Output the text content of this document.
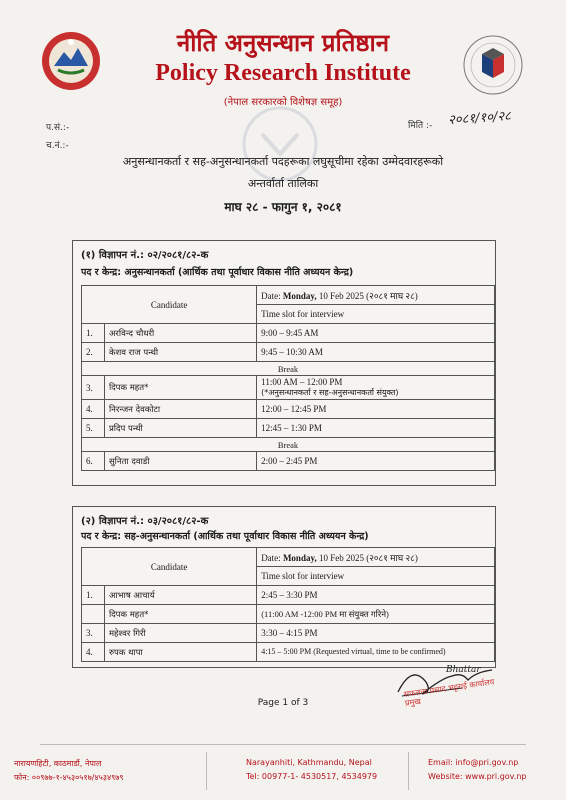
नीति अनुसन्धान प्रतिष्ठान
Policy Research Institute
(नेपाल सरकारको विशेषज्ञ समूह)
प.सं.:-
च.नं.:-
मिति :- २०८१/१०/२८
अनुसन्धानकर्ता र सह-अनुसन्धानकर्ता पदहरूका लघुसूचीमा रहेका उम्मेदवारहरूको
अन्तर्वार्ता तालिका
माघ २८ - फागुन १, २०८१
(१) विज्ञापन नं.: ०२/२०८१/८२-क
पद र केन्द्र: अनुसन्धानकर्ता (आर्थिक तथा पूर्वाधार विकास नीति अध्ययन केन्द्र)
Candidate		Date: Monday, 10 Feb 2025 (२०८१ माघ २८)
		Time slot for interview
1.	अरविन्द चौधरी	9:00 – 9:45 AM
2.	केशव राज पन्थी	9:45 – 10:30 AM
Break		
3.	दिपक महत*	11:00 AM – 12:00 PM
(*अनुसन्धानकर्ता र सह-अनुसन्धानकर्ता संयुक्त)

4.	निरन्जन देवकोटा	12:00 – 12:45 PM
5.	प्रदिप पन्थी	12:45 – 1:30 PM
Break		
6.	सुनिता दवाडी	2:00 – 2:45 PM
(२) विज्ञापन नं.: ०३/२०८१/८२-क
पद र केन्द्र: सह-अनुसन्धानकर्ता (आर्थिक तथा पूर्वाधार विकास नीति अध्ययन केन्द्र)
Candidate		Date: Monday, 10 Feb 2025 (२०८१ माघ २८)
		Time slot for interview
1.	आभाष आचार्य	2:45 – 3:30 PM
	दिपक महत*	(11:00 AM -12:00 PM मा संयुक्त गरिने)
3.	महेश्वर गिरी	3:30 – 4:15 PM
4.	रुपक थापा	4:15 – 5:00 PM (Requested virtual, time to be confirmed)
Bhattar
सफलता प्रसाद भट्टराई कार्यालय प्रमुख
Page 1 of 3
नारायणहिटी, काठमाडौं, नेपाल
फोन: ००९७७-१-४५३०५१७/४५३४९७९
Narayanhiti, Kathmandu, Nepal
Tel: 00977-1- 4530517, 4534979
Email: info@pri.gov.np
Website: www.pri.gov.np
